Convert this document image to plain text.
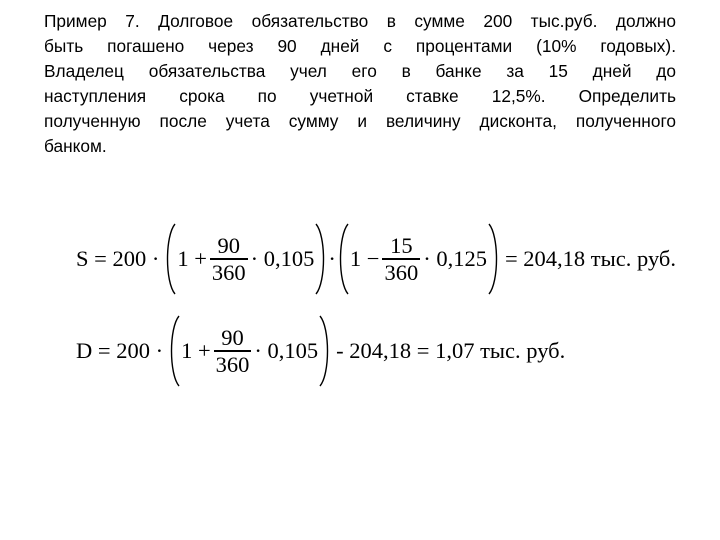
Пример 7. Долговое обязательство в сумме 200 тыс.руб. должно
быть погашено через 90 дней с процентами (10% годовых).
Владелец обязательства учел его в банке за 15 дней до
наступления срока по учетной ставке 12,5%. Определить
полученную после учета сумму и величину дисконта, полученного
банком.
$S = 200 \cdot 1 + \frac{90}{360} \cdot 0,105 \cdot 1 - \frac{15}{360} \cdot 0,125 = 204,18$ тыс. руб.
$D = 200 \cdot 1 + \frac{90}{360} \cdot 0,105 - 204,18 = 1,07$ тыс. руб.
